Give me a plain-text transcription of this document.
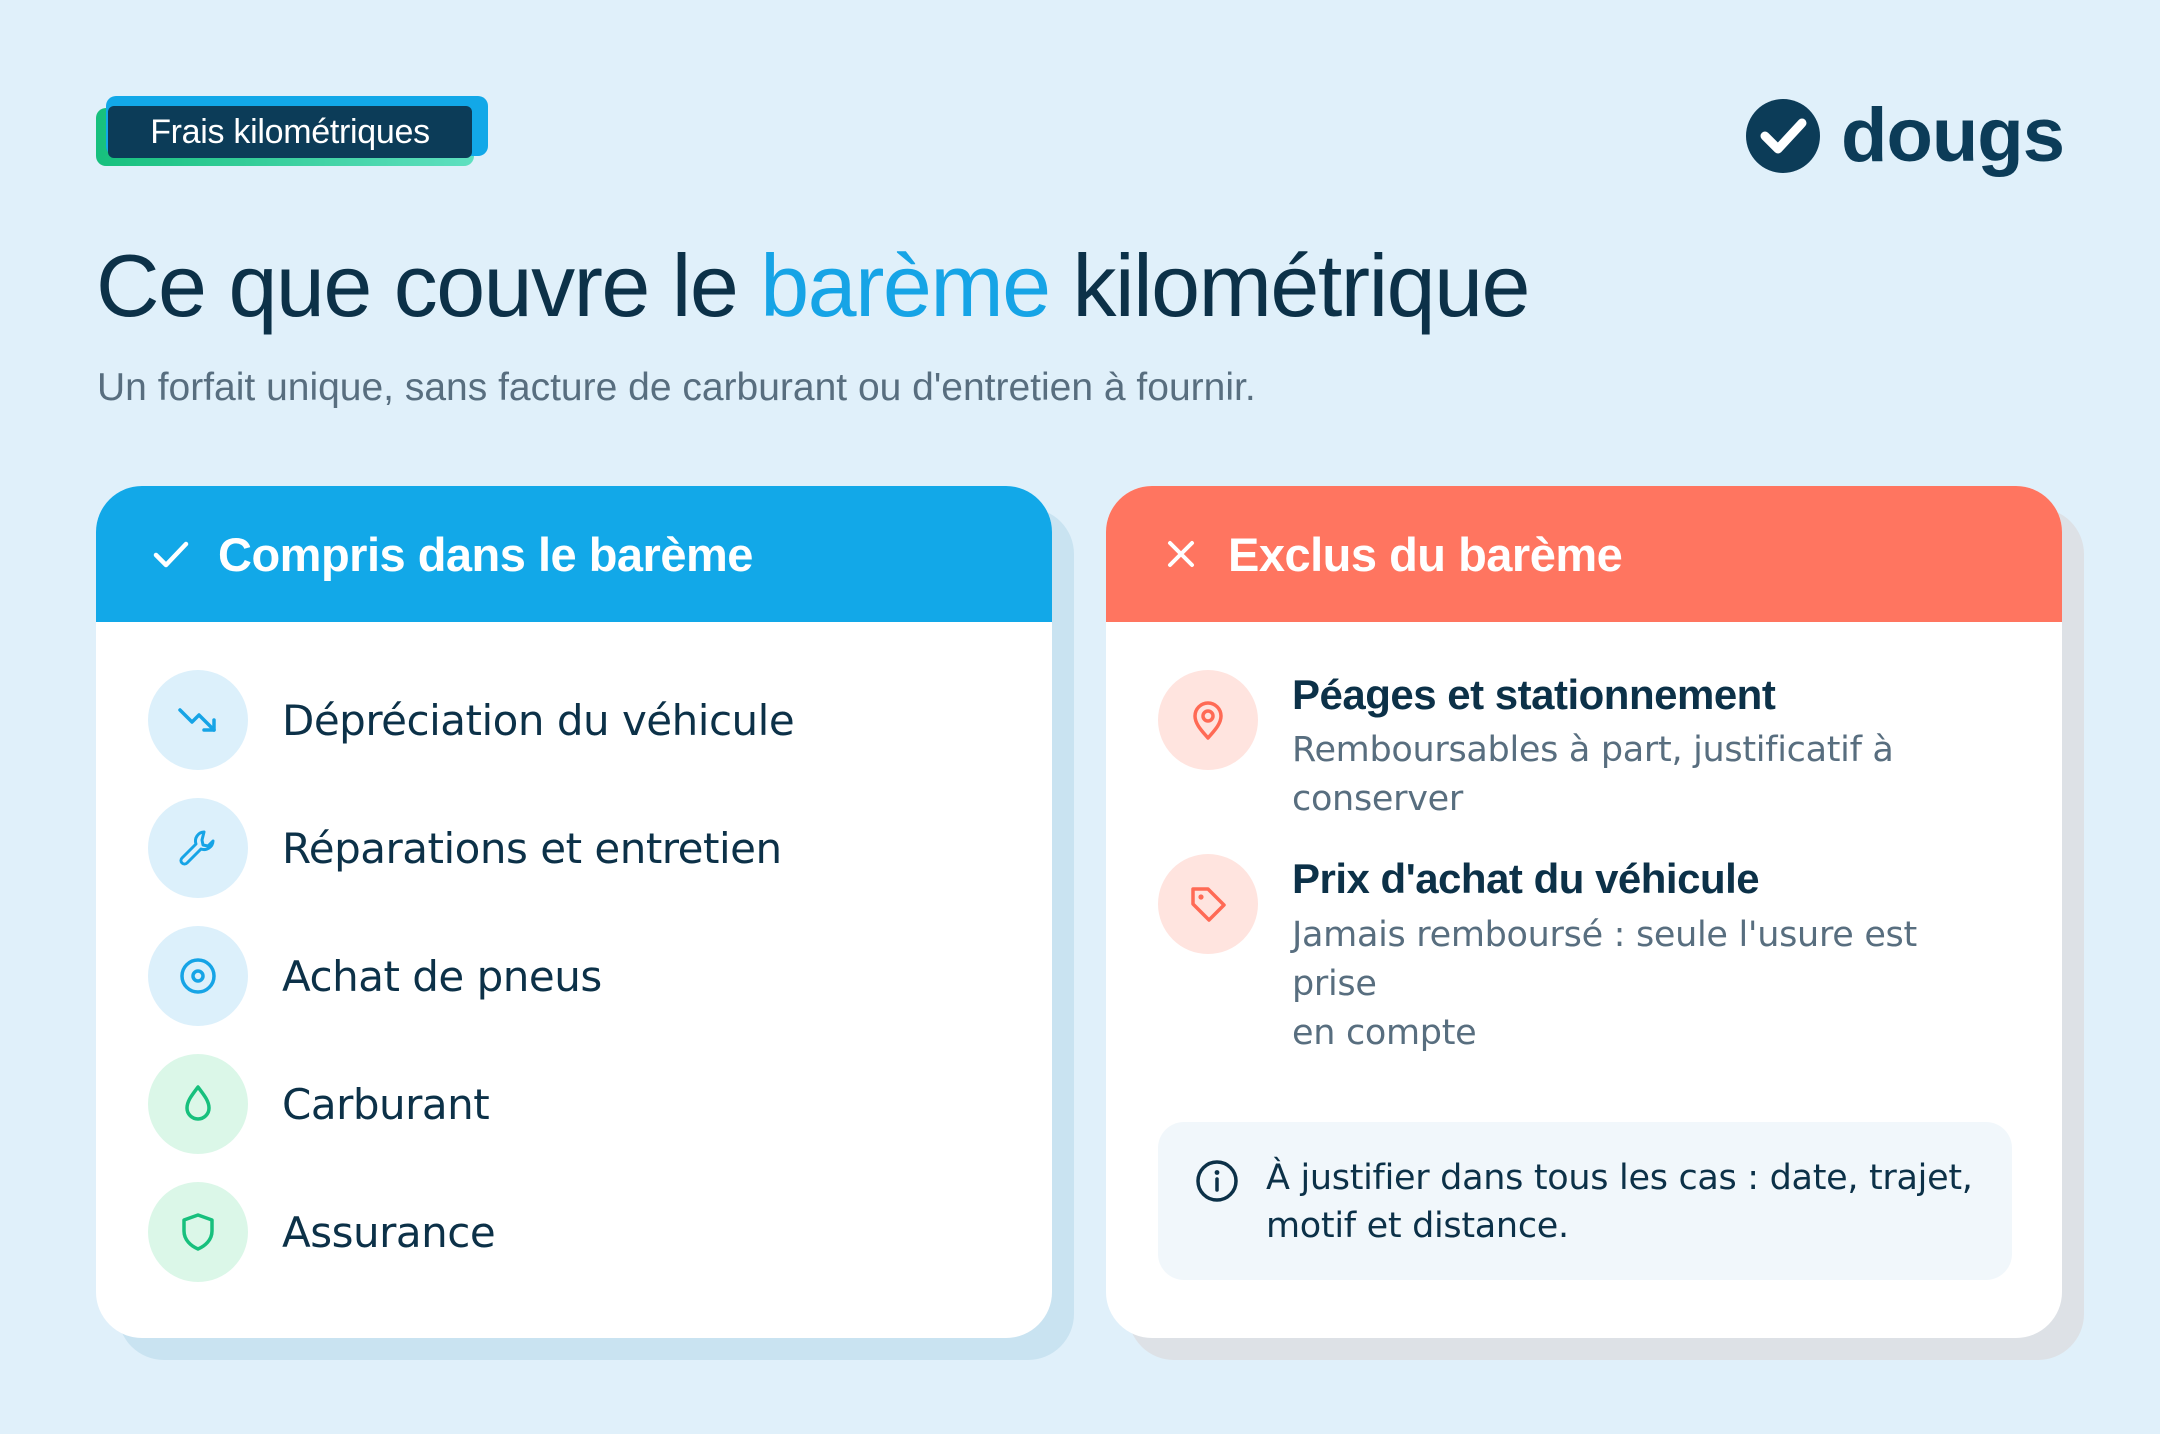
Frais kilométriques	dougs
Ce que couvre le barème kilométrique

Un forfait unique, sans facture de carburant ou d'entretien à fournir.

Compris dans le barème
Dépréciation du véhicule
Réparations et entretien
Achat de pneus
Carburant
Assurance
Exclus du barème
Péages et stationnement
Remboursables à part, justificatif à
conserver
Prix d'achat du véhicule
Jamais remboursé : seule l'usure est prise
en compte
À justifier dans tous les cas : date, trajet,
motif et distance.
